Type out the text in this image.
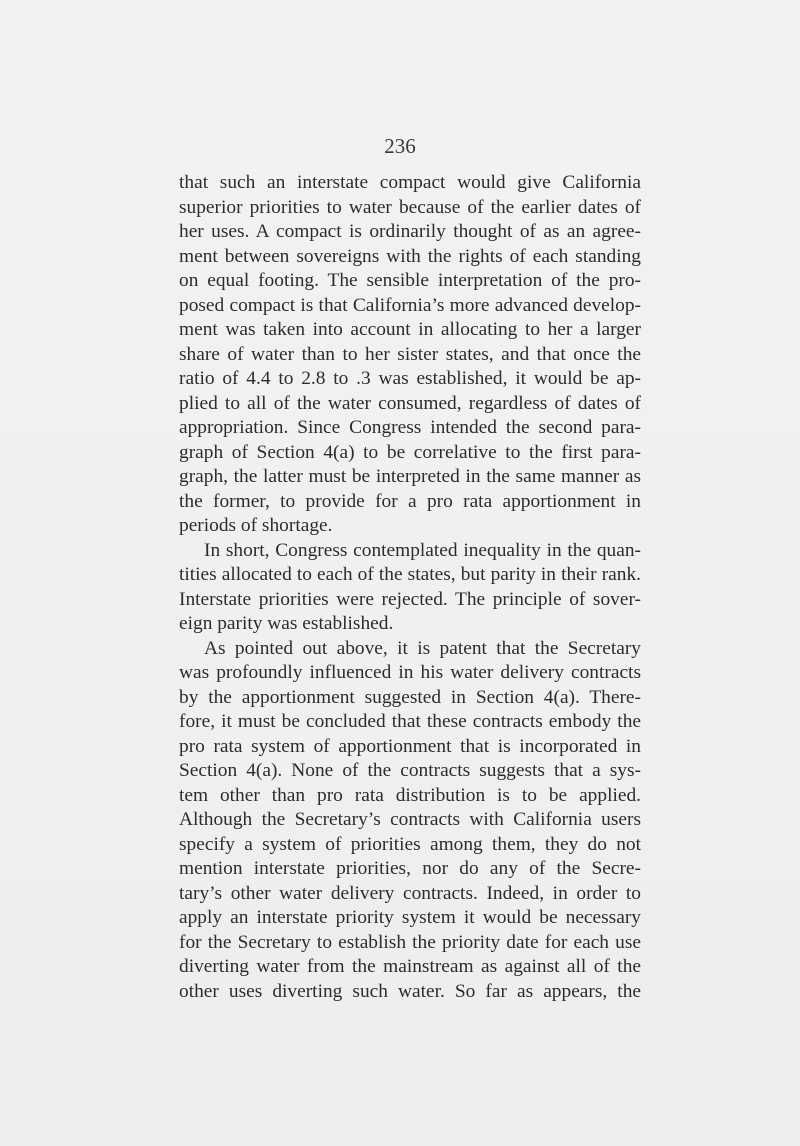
236
that such an interstate compact would give California
superior priorities to water because of the earlier dates of
her uses. A compact is ordinarily thought of as an agree-
ment between sovereigns with the rights of each standing
on equal footing. The sensible interpretation of the pro-
posed compact is that California’s more advanced develop-
ment was taken into account in allocating to her a larger
share of water than to her sister states, and that once the
ratio of 4.4 to 2.8 to .3 was established, it would be ap-
plied to all of the water consumed, regardless of dates of
appropriation. Since Congress intended the second para-
graph of Section 4(a) to be correlative to the first para-
graph, the latter must be interpreted in the same manner as
the former, to provide for a pro rata apportionment in
periods of shortage.
In short, Congress contemplated inequality in the quan-
tities allocated to each of the states, but parity in their rank.
Interstate priorities were rejected. The principle of sover-
eign parity was established.
As pointed out above, it is patent that the Secretary
was profoundly influenced in his water delivery contracts
by the apportionment suggested in Section 4(a). There-
fore, it must be concluded that these contracts embody the
pro rata system of apportionment that is incorporated in
Section 4(a). None of the contracts suggests that a sys-
tem other than pro rata distribution is to be applied.
Although the Secretary’s contracts with California users
specify a system of priorities among them, they do not
mention interstate priorities, nor do any of the Secre-
tary’s other water delivery contracts. Indeed, in order to
apply an interstate priority system it would be necessary
for the Secretary to establish the priority date for each use
diverting water from the mainstream as against all of the
other uses diverting such water. So far as appears, the
